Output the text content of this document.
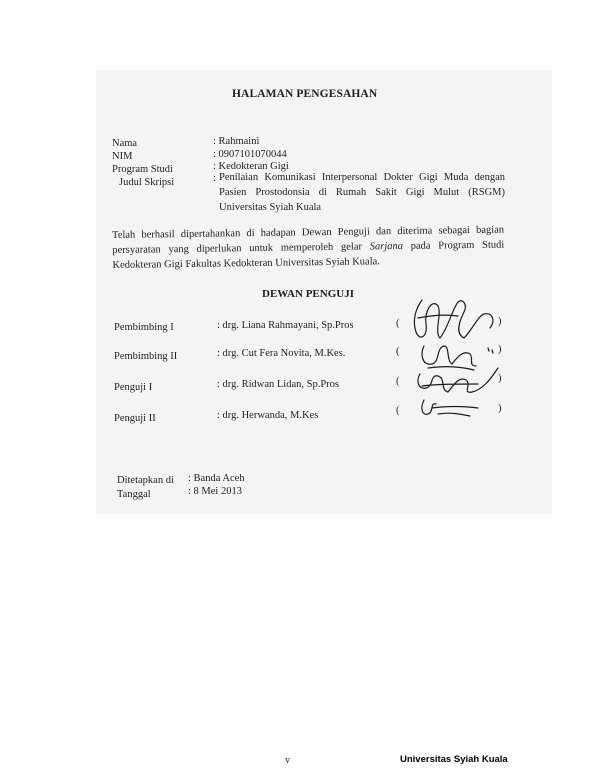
HALAMAN PENGESAHAN
Nama	: Rahmaini
NIM	: 0907101070044
Program Studi	: Kedokteran Gigi
Judul Skripsi	: Penilaian Komunikasi Interpersonal Dokter Gigi Muda dengan Pasien Prostodonsia di Rumah Sakit Gigi Mulut (RSGM) Universitas Syiah Kuala
Telah berhasil dipertahankan di hadapan Dewan Penguji dan diterima sebagai bagian persyaratan yang diperlukan untuk memperoleh gelar Sarjana pada Program Studi Kedokteran Gigi Fakultas Kedokteran Universitas Syiah Kuala.
DEWAN PENGUJI
Pembimbing I	: drg. Liana Rahmayani, Sp.Pros	(	)
Pembimbing II	: drg. Cut Fera Novita, M.Kes.	(	)
Penguji I	: drg. Ridwan Lidan, Sp.Pros	(	)
Penguji II	: drg. Herwanda, M.Kes	(	)
Ditetapkan di : Banda Aceh
Tanggal	: 8 Mei 2013
v	Universitas Syiah Kuala
